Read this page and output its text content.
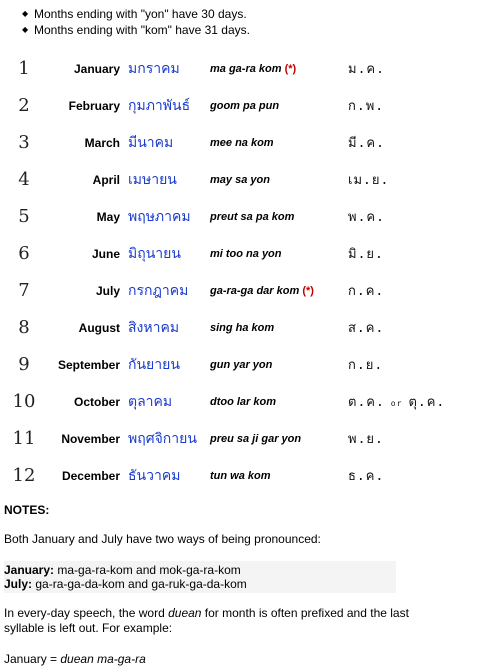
◆ Months ending with "yon" have 30 days.
◆ Months ending with "kom" have 31 days.
1	January	มกราคม	ma ga-ra kom (*)	ม.ค.
2	February	กุมภาพันธ์	goom pa pun	ก.พ.
3	March	มีนาคม	mee na kom	มี.ค.
4	April	เมษายน	may sa yon	เม.ย.
5	May	พฤษภาคม	preut sa pa kom	พ.ค.
6	June	มิถุนายน	mi too na yon	มิ.ย.
7	July	กรกฎาคม	ga-ra-ga dar kom (*)	ก.ค.
8	August	สิงหาคม	sing ha kom	ส.ค.
9	September	กันยายน	gun yar yon	ก.ย.
10	October	ตุลาคม	dtoo lar kom	ต.ค. or ตุ.ค.
11	November	พฤศจิกายน	preu sa ji gar yon	พ.ย.
12	December	ธันวาคม	tun wa kom	ธ.ค.
NOTES:
Both January and July have two ways of being pronounced:
January: ma-ga-ra-kom and mok-ga-ra-kom
July: ga-ra-ga-da-kom and ga-ruk-ga-da-kom
In every-day speech, the word duean for month is often prefixed and the last syllable is left out. For example:
January = duean ma-ga-ra
